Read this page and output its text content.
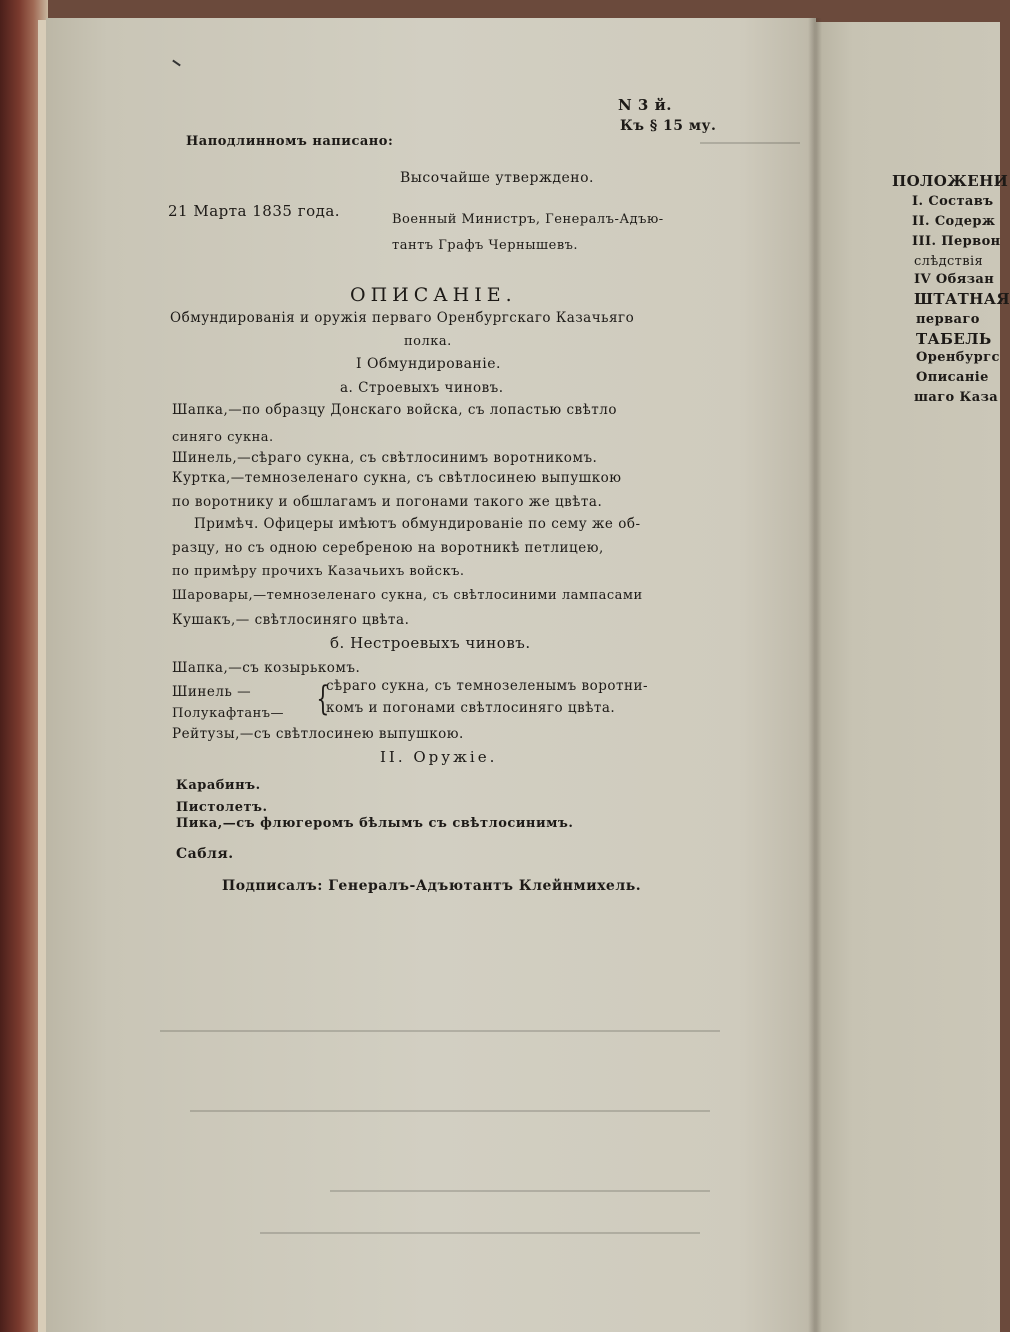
N 3 й.
Къ § 15 му.
Наподлинномъ написано:
Высочайше утверждено.
21 Марта 1835 года.	Военный Министръ, Генералъ-Адъю-
тантъ Графъ Чернышевъ.
ОПИСАНIЕ.
Обмундированiя и оружiя перваго Оренбургскаго Казачьяго
полка.
I Обмундированiе.
a. Строевыхъ чиновъ.
Шапка,—по образцу Донскаго войска, съ лопастью свѣтло
синяго сукна.
Шинель,—сѣраго сукна, съ свѣтлосинимъ воротникомъ.
Куртка,—темнозеленаго сукна, съ свѣтлосинею выпушкою
по воротнику и обшлагамъ и погонами такого же цвѣта.
Примѣч. Офицеры имѣютъ обмундированiе по сему же об-
разцу, но съ одною серебреною на воротникѣ петлицею,
по примѣру прочихъ Казачьихъ войскъ.
Шаровары,—темнозеленаго сукна, съ свѣтлосиними лампасами
Кушакъ,— свѣтлосиняго цвѣта.
б. Нестроевыхъ чиновъ.
Шапка,—съ козырькомъ.
Шинель —
Полукафтанъ— {
сѣраго сукна, съ темнозеленымъ воротни-
комъ и погонами свѣтлосиняго цвѣта.
Рейтузы,—съ свѣтлосинею выпушкою.
II. Оружiе.
Карабинъ.
Пистолетъ.
Пика,—съ флюгеромъ бѣлымъ съ свѣтлосинимъ.
Сабля.
Подписалъ: Генералъ-Адъютантъ Клейнмихель.
ПОЛОЖЕНИ
I. Составъ
II. Содерж
III. Первон
слѣдствiя
IV Обязан
ШТАТНАЯ
перваго
ТАБЕЛЬ
Оренбургс
Описанiе
шаго Каза
